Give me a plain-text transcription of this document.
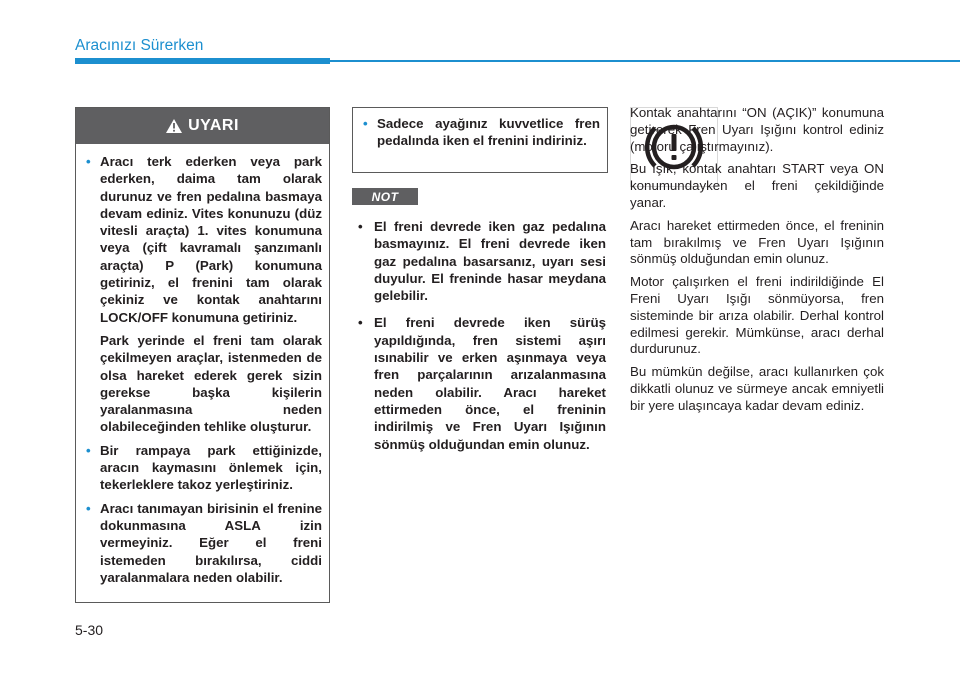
Aracınızı Sürerken
UYARI
• Aracı terk ederken veya park ederken, daima tam olarak durunuz ve fren pedalına basmaya devam ediniz. Vites konunuzu (düz vitesli araçta) 1. vites konumuna veya (çift kavramalı şanzımanlı araçta) P (Park) konumuna getiriniz, el frenini tam olarak çekiniz ve kontak anahtarını LOCK/OFF konumuna getiriniz.
Park yerinde el freni tam olarak çekilmeyen araçlar, istenmeden de olsa hareket ederek gerek sizin gerekse başka kişilerin yaralanmasına neden olabileceğinden tehlike oluşturur.
• Bir rampaya park ettiğinizde, aracın kaymasını önlemek için, tekerleklere takoz yerleştiriniz.
• Aracı tanımayan birisinin el frenine dokunmasına ASLA izin vermeyiniz. Eğer el freni istemeden bırakılırsa, ciddi yaralanmalara neden olabilir.
• Sadece ayağınız kuvvetlice fren pedalında iken el frenini indiriniz.
NOT
• El freni devrede iken gaz pedalına basmayınız. El freni devrede iken gaz pedalına basarsanız, uyarı sesi duyulur. El freninde hasar meydana gelebilir.
• El freni devrede iken sürüş yapıldığında, fren sistemi aşırı ısınabilir ve erken aşınmaya veya fren parçalarının arızalanmasına neden olabilir. Aracı hareket ettirmeden önce, el freninin indirilmiş ve Fren Uyarı Işığının sönmüş olduğundan emin olunuz.

Kontak anahtarını “ON (AÇIK)” konumuna getirerek Fren Uyarı Işığını kontrol ediniz (motoru çalıştırmayınız).

Bu ışık, kontak anahtarı START veya ON konumundayken el freni çekildiğinde yanar.

Aracı hareket ettirmeden önce, el freninin tam bırakılmış ve Fren Uyarı Işığının sönmüş olduğundan emin olunuz.

Motor çalışırken el freni indirildiğinde El Freni Uyarı Işığı sönmüyorsa, fren sisteminde bir arıza olabilir. Derhal kontrol edilmesi gerekir. Mümkünse, aracı derhal durdurunuz.

Bu mümkün değilse, aracı kullanırken çok dikkatli olunuz ve sürmeye ancak emniyetli bir yere ulaşıncaya kadar devam ediniz.

5-30
